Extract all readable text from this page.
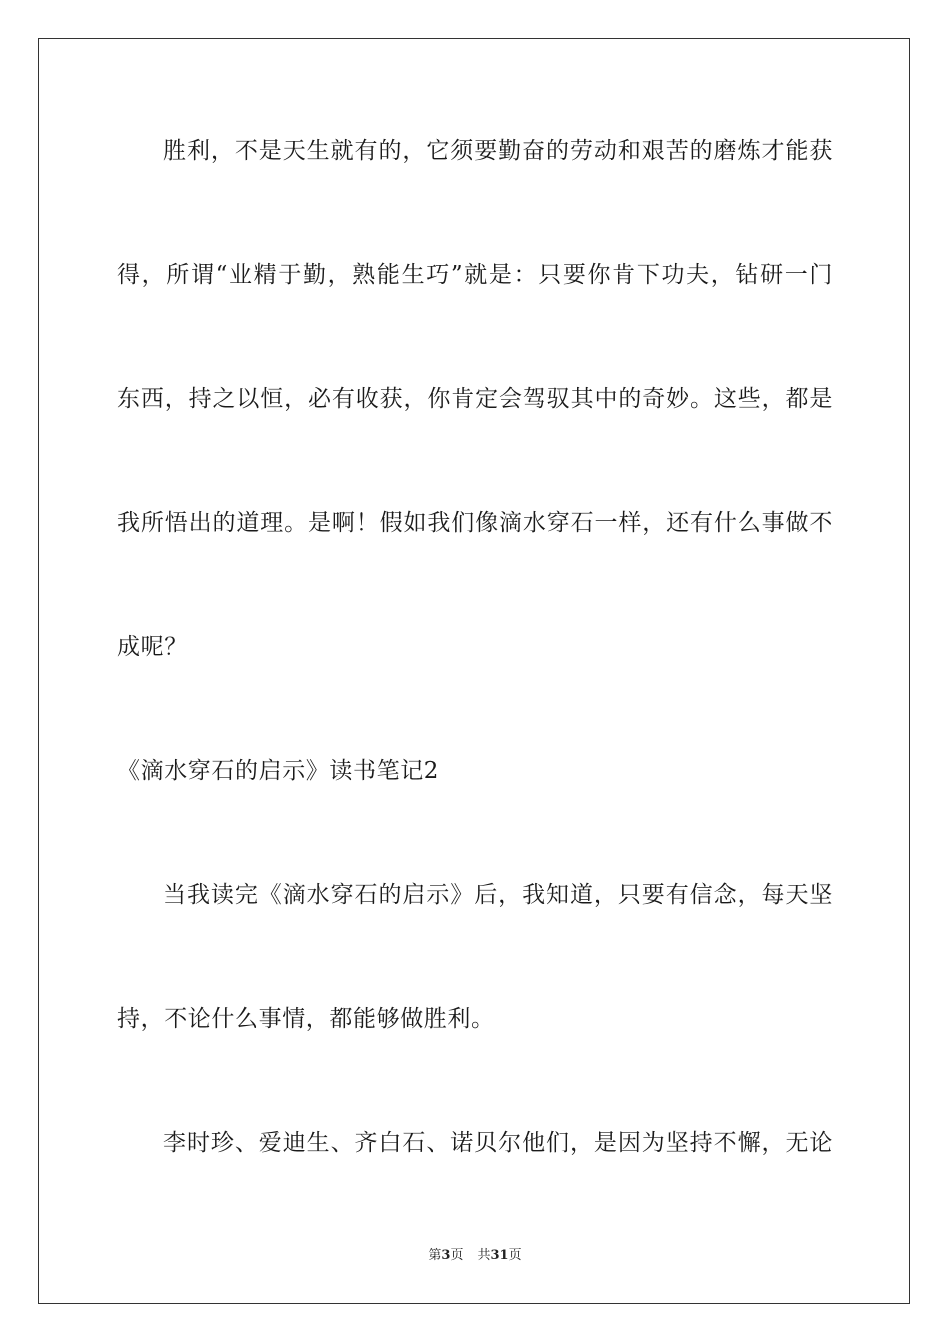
胜利，不是天生就有的，它须要勤奋的劳动和艰苦的磨炼才能获
得，所谓“业精于勤，熟能生巧”就是：只要你肯下功夫，钻研一门
东西，持之以恒，必有收获，你肯定会驾驭其中的奇妙。这些，都是
我所悟出的道理。是啊！假如我们像滴水穿石一样，还有什么事做不
成呢？
《滴水穿石的启示》读书笔记2
当我读完《滴水穿石的启示》后，我知道，只要有信念，每天坚
持，不论什么事情，都能够做胜利。
李时珍、爱迪生、齐白石、诺贝尔他们，是因为坚持不懈，无论
第3页 共31页
